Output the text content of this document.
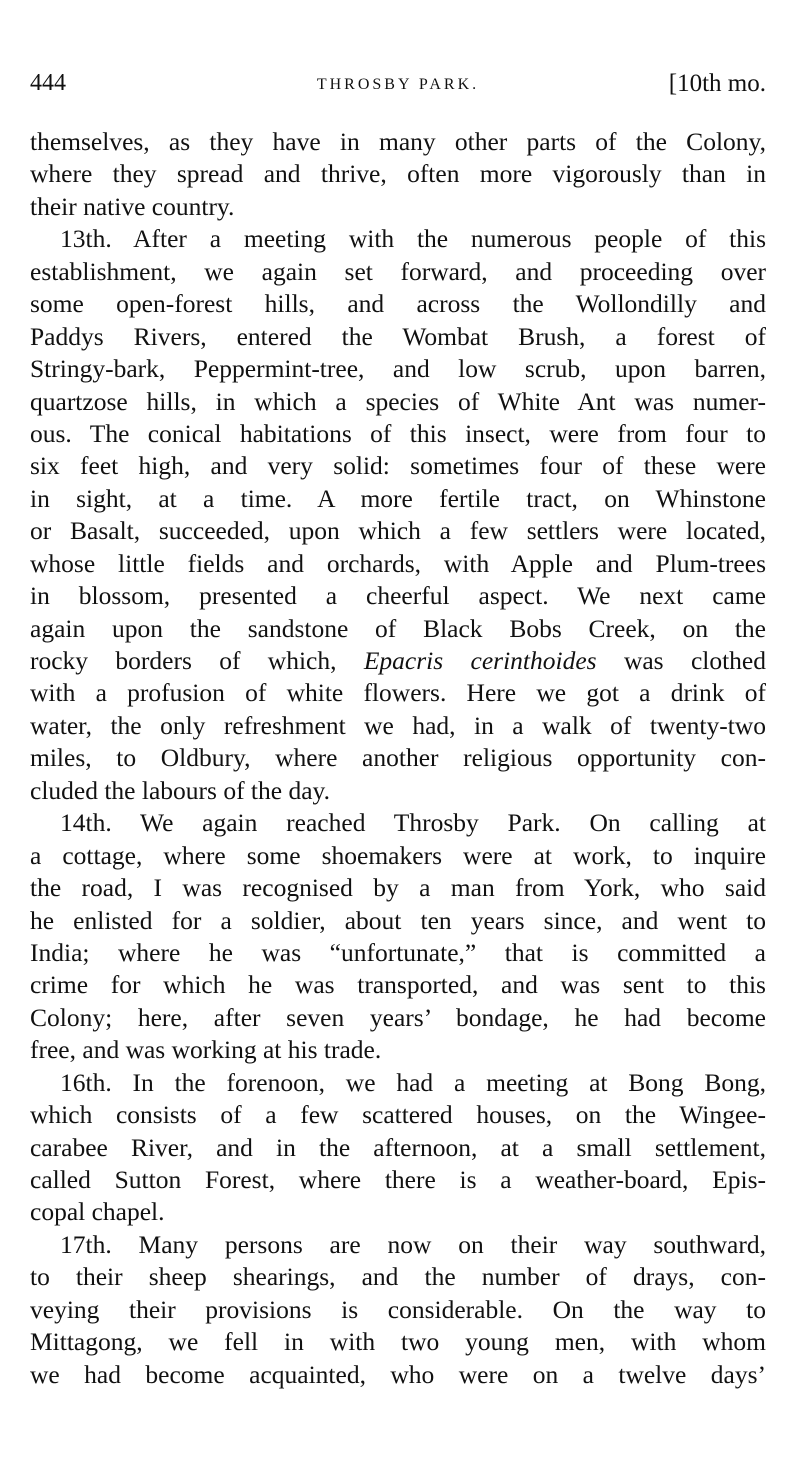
444	THROSBY PARK.	[10th mo.
themselves, as they have in many other parts of the Colony,
where they spread and thrive, often more vigorously than in
their native country.
13th. After a meeting with the numerous people of this
establishment, we again set forward, and proceeding over
some open-forest hills, and across the Wollondilly and
Paddys Rivers, entered the Wombat Brush, a forest of
Stringy-bark, Peppermint-tree, and low scrub, upon barren,
quartzose hills, in which a species of White Ant was numer-
ous. The conical habitations of this insect, were from four to
six feet high, and very solid: sometimes four of these were
in sight, at a time. A more fertile tract, on Whinstone
or Basalt, succeeded, upon which a few settlers were located,
whose little fields and orchards, with Apple and Plum-trees
in blossom, presented a cheerful aspect. We next came
again upon the sandstone of Black Bobs Creek, on the
rocky borders of which, Epacris cerinthoides was clothed
with a profusion of white flowers. Here we got a drink of
water, the only refreshment we had, in a walk of twenty-two
miles, to Oldbury, where another religious opportunity con-
cluded the labours of the day.
14th. We again reached Throsby Park. On calling at
a cottage, where some shoemakers were at work, to inquire
the road, I was recognised by a man from York, who said
he enlisted for a soldier, about ten years since, and went to
India; where he was “unfortunate,” that is committed a
crime for which he was transported, and was sent to this
Colony; here, after seven years’ bondage, he had become
free, and was working at his trade.
16th. In the forenoon, we had a meeting at Bong Bong,
which consists of a few scattered houses, on the Wingee-
carabee River, and in the afternoon, at a small settlement,
called Sutton Forest, where there is a weather-board, Epis-
copal chapel.
17th. Many persons are now on their way southward,
to their sheep shearings, and the number of drays, con-
veying their provisions is considerable. On the way to
Mittagong, we fell in with two young men, with whom
we had become acquainted, who were on a twelve days’
